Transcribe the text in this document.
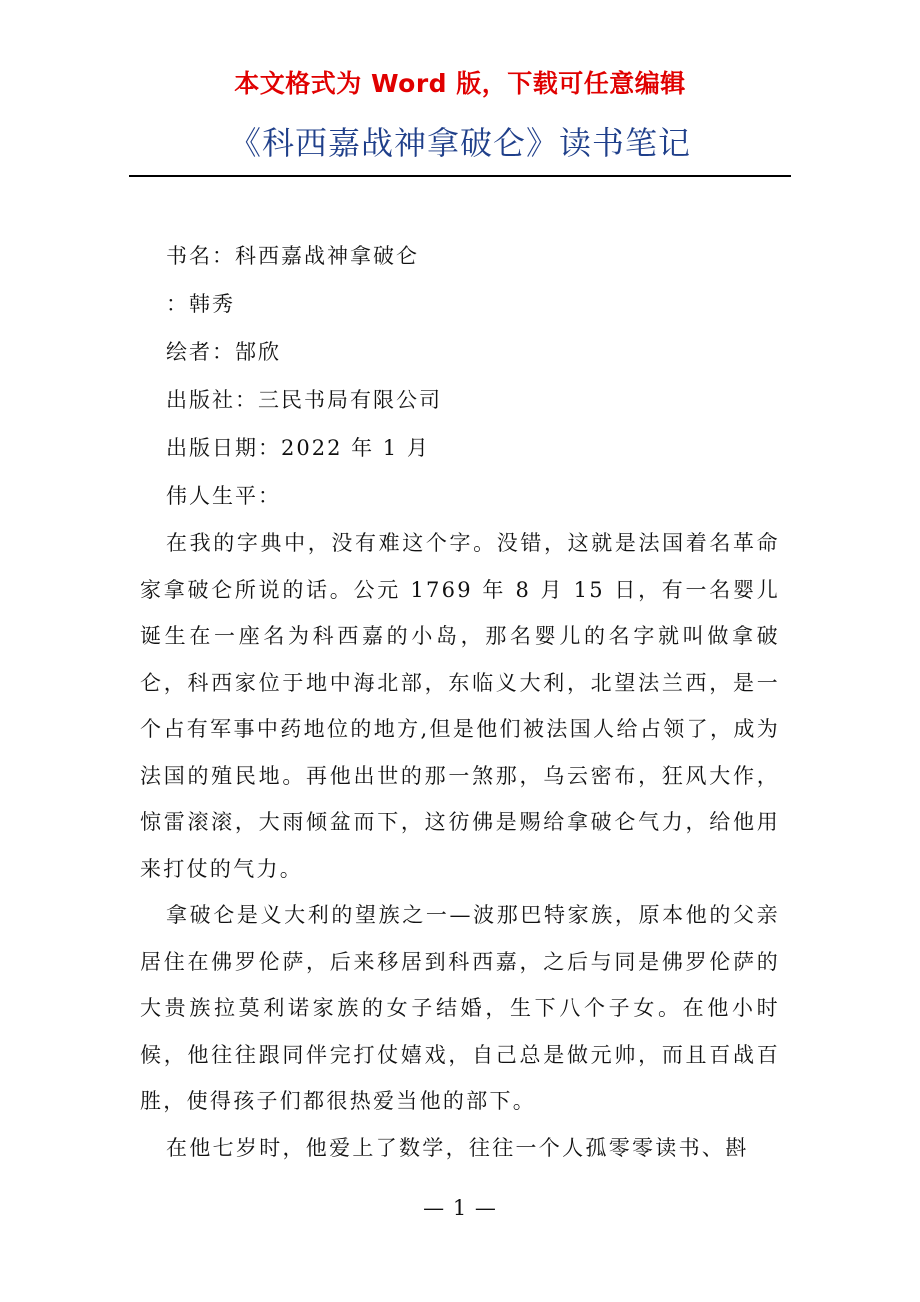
本文格式为 Word 版，下载可任意编辑
《科西嘉战神拿破仑》读书笔记
书名：科西嘉战神拿破仑
：韩秀
绘者：郜欣
出版社：三民书局有限公司
出版日期：2022 年 1 月
伟人生平：

在我的字典中，没有难这个字。没错，这就是法国着名革命家拿破仑所说的话。公元 1769 年 8 月 15 日，有一名婴儿诞生在一座名为科西嘉的小岛，那名婴儿的名字就叫做拿破仑，科西家位于地中海北部，东临义大利，北望法兰西，是一个占有军事中药地位的地方,但是他们被法国人给占领了，成为法国的殖民地。再他出世的那一煞那，乌云密布，狂风大作，惊雷滚滚，大雨倾盆而下，这彷佛是赐给拿破仑气力，给他用来打仗的气力。

拿破仑是义大利的望族之一—波那巴特家族，原本他的父亲居住在佛罗伦萨，后来移居到科西嘉，之后与同是佛罗伦萨的大贵族拉莫利诺家族的女子结婚，生下八个子女。在他小时候，他往往跟同伴完打仗嬉戏，自己总是做元帅，而且百战百胜，使得孩子们都很热爱当他的部下。

在他七岁时，他爱上了数学，往往一个人孤零零读书、斟

— 1 —
